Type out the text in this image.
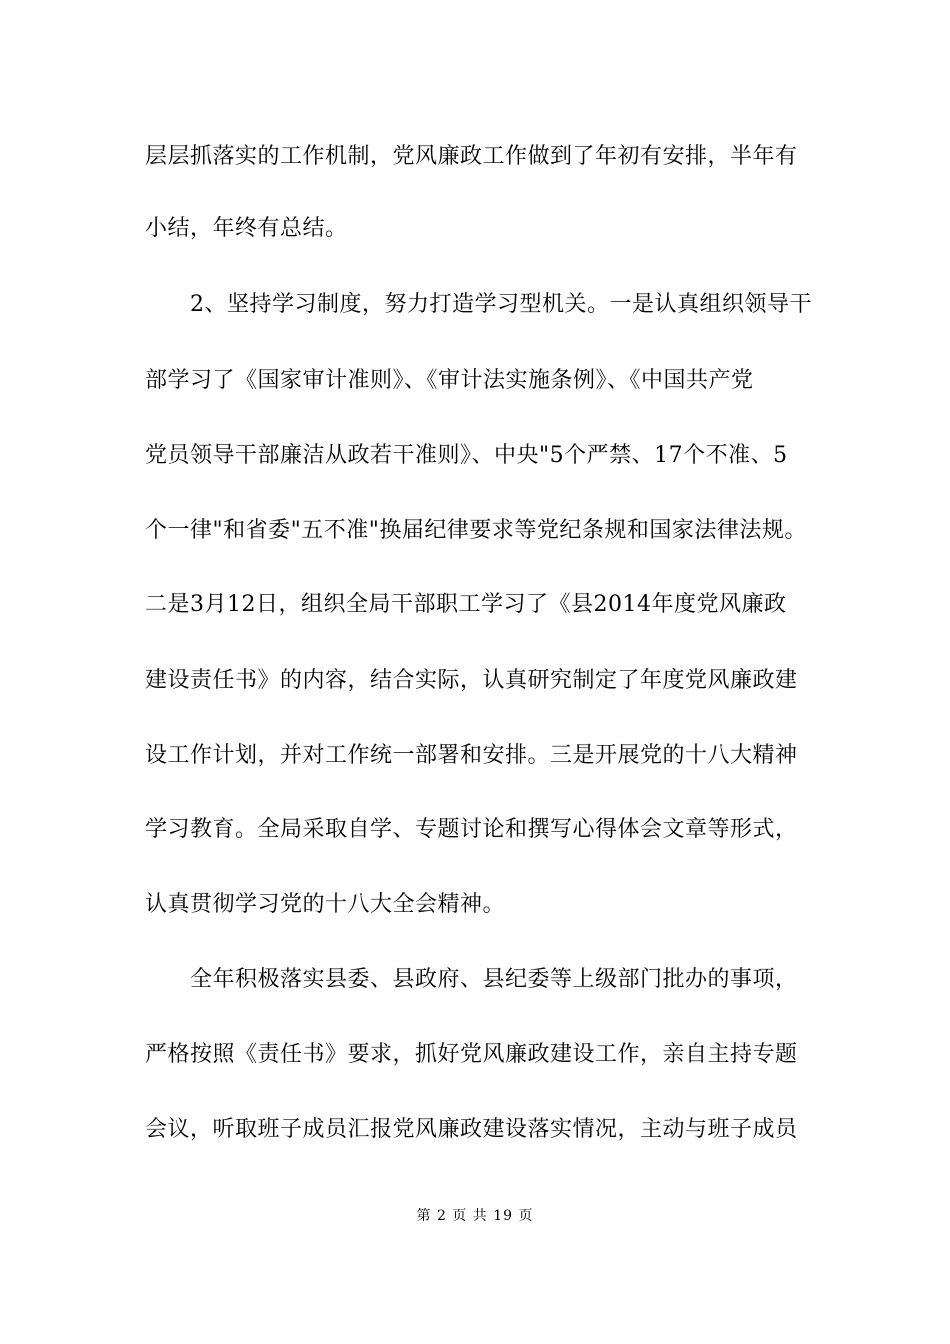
层层抓落实的工作机制，党风廉政工作做到了年初有安排，半年有
小结，年终有总结。
2、坚持学习制度，努力打造学习型机关。一是认真组织领导干
部学习了《国家审计准则》、《审计法实施条例》、《中国共产党
党员领导干部廉洁从政若干准则》、中央"5个严禁、17个不准、5
个一律"和省委"五不准"换届纪律要求等党纪条规和国家法律法规。
二是3月12日，组织全局干部职工学习了《县2014年度党风廉政
建设责任书》的内容，结合实际，认真研究制定了年度党风廉政建
设工作计划，并对工作统一部署和安排。三是开展党的十八大精神
学习教育。全局采取自学、专题讨论和撰写心得体会文章等形式，
认真贯彻学习党的十八大全会精神。
全年积极落实县委、县政府、县纪委等上级部门批办的事项，
严格按照《责任书》要求，抓好党风廉政建设工作，亲自主持专题
会议，听取班子成员汇报党风廉政建设落实情况，主动与班子成员
第 2 页 共 19 页
